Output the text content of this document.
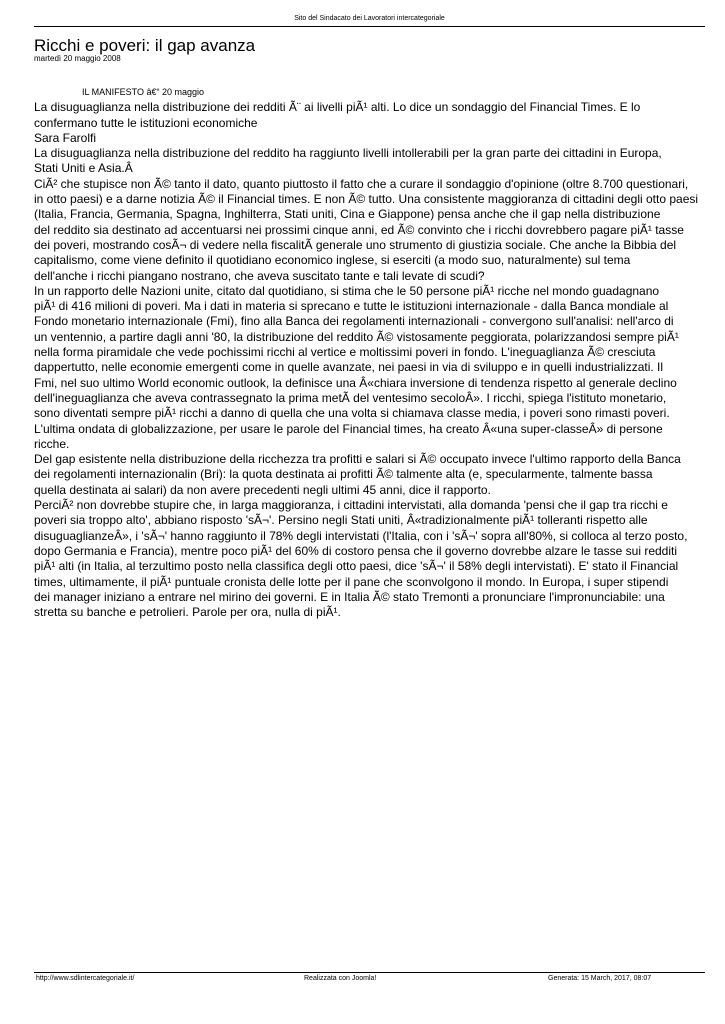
Sito del Sindacato dei Lavoratori intercategoriale
Ricchi e poveri: il gap avanza
martedì 20 maggio 2008
IL MANIFESTO â€“ 20 maggio
La disuguaglianza nella distribuzione dei redditi Ã¨ ai livelli piÃ¹ alti. Lo dice un sondaggio del Financial Times. E lo
confermano tutte le istituzioni economiche
Sara Farolfi
La disuguaglianza nella distribuzione del reddito ha raggiunto livelli intollerabili per la gran parte dei cittadini in Europa,
Stati Uniti e Asia.Â
CiÃ² che stupisce non Ã© tanto il dato, quanto piuttosto il fatto che a curare il sondaggio d'opinione (oltre 8.700 questionari,
in otto paesi) e a darne notizia Ã© il Financial times. E non Ã© tutto. Una consistente maggioranza di cittadini degli otto paesi
(Italia, Francia, Germania, Spagna, Inghilterra, Stati uniti, Cina e Giappone) pensa anche che il gap nella distribuzione
del reddito sia destinato ad accentuarsi nei prossimi cinque anni, ed Ã© convinto che i ricchi dovrebbero pagare piÃ¹ tasse
dei poveri, mostrando cosÃ¬ di vedere nella fiscalitÃ generale uno strumento di giustizia sociale. Che anche la Bibbia del
capitalismo, come viene definito il quotidiano economico inglese, si eserciti (a modo suo, naturalmente) sul tema
dell'anche i ricchi piangano nostrano, che aveva suscitato tante e tali levate di scudi?
In un rapporto delle Nazioni unite, citato dal quotidiano, si stima che le 50 persone piÃ¹ ricche nel mondo guadagnano
piÃ¹ di 416 milioni di poveri. Ma i dati in materia si sprecano e tutte le istituzioni internazionale - dalla Banca mondiale al
Fondo monetario internazionale (Fmi), fino alla Banca dei regolamenti internazionali - convergono sull'analisi: nell'arco di
un ventennio, a partire dagli anni '80, la distribuzione del reddito Ã© vistosamente peggiorata, polarizzandosi sempre piÃ¹
nella forma piramidale che vede pochissimi ricchi al vertice e moltissimi poveri in fondo. L'ineguaglianza Ã© cresciuta
dappertutto, nelle economie emergenti come in quelle avanzate, nei paesi in via di sviluppo e in quelli industrializzati. Il
Fmi, nel suo ultimo World economic outlook, la definisce una Â«chiara inversione di tendenza rispetto al generale declino
dell'ineguaglianza che aveva contrassegnato la prima metÃ del ventesimo secoloÂ». I ricchi, spiega l'istituto monetario,
sono diventati sempre piÃ¹ ricchi a danno di quella che una volta si chiamava classe media, i poveri sono rimasti poveri.
L'ultima ondata di globalizzazione, per usare le parole del Financial times, ha creato Â«una super-classeÂ» di persone
ricche.
Del gap esistente nella distribuzione della ricchezza tra profitti e salari si Ã© occupato invece l'ultimo rapporto della Banca
dei regolamenti internazionalin (Bri): la quota destinata ai profitti Ã© talmente alta (e, specularmente, talmente bassa
quella destinata ai salari) da non avere precedenti negli ultimi 45 anni, dice il rapporto.
PerciÃ² non dovrebbe stupire che, in larga maggioranza, i cittadini intervistati, alla domanda 'pensi che il gap tra ricchi e
poveri sia troppo alto', abbiano risposto 'sÃ¬'. Persino negli Stati uniti, Â«tradizionalmente piÃ¹ tolleranti rispetto alle
disuguaglianzeÂ», i 'sÃ¬' hanno raggiunto il 78% degli intervistati (l'Italia, con i 'sÃ¬' sopra all'80%, si colloca al terzo posto,
dopo Germania e Francia), mentre poco piÃ¹ del 60% di costoro pensa che il governo dovrebbe alzare le tasse sui redditi
piÃ¹ alti (in Italia, al terzultimo posto nella classifica degli otto paesi, dice 'sÃ¬' il 58% degli intervistati). E' stato il Financial
times, ultimamente, il piÃ¹ puntuale cronista delle lotte per il pane che sconvolgono il mondo. In Europa, i super stipendi
dei manager iniziano a entrare nel mirino dei governi. E in Italia Ã© stato Tremonti a pronunciare l'impronunciabile: una
stretta su banche e petrolieri. Parole per ora, nulla di piÃ¹.
http://www.sdlintercategoriale.it/	Realizzata con Joomla!	Generata: 15 March, 2017, 08:07
